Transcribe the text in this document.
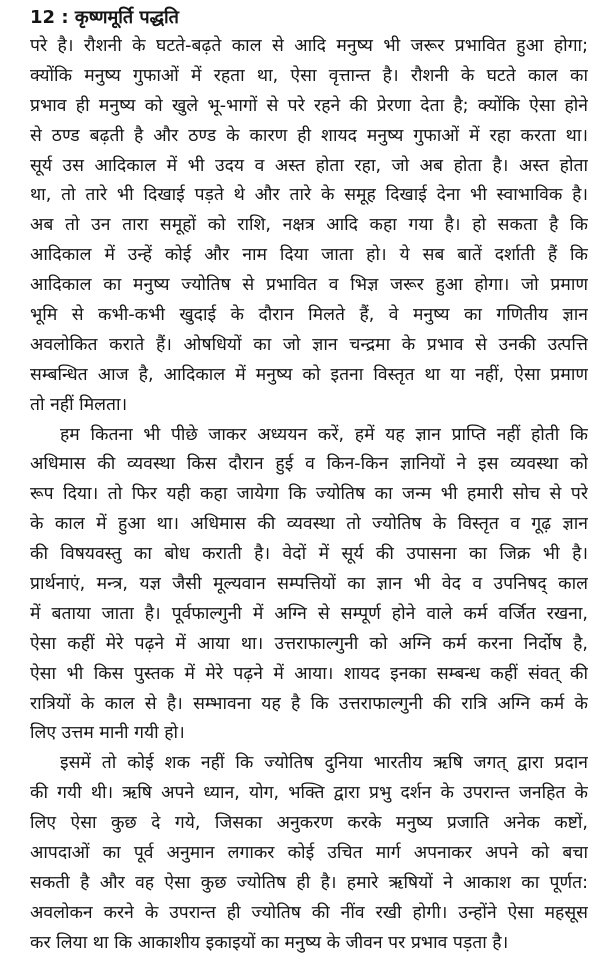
12 : कृष्णमूर्ति पद्धति
परे है। रौशनी के घटते-बढ़ते काल से आदि मनुष्य भी जरूर प्रभावित हुआ होगा;
क्योंकि मनुष्य गुफाओं में रहता था, ऐसा वृत्तान्त है। रौशनी के घटते काल का
प्रभाव ही मनुष्य को खुले भू-भागों से परे रहने की प्रेरणा देता है; क्योंकि ऐसा होने
से ठण्ड बढ़ती है और ठण्ड के कारण ही शायद मनुष्य गुफाओं में रहा करता था।
सूर्य उस आदिकाल में भी उदय व अस्त होता रहा, जो अब होता है। अस्त होता
था, तो तारे भी दिखाई पड़ते थे और तारे के समूह दिखाई देना भी स्वाभाविक है।
अब तो उन तारा समूहों को राशि, नक्षत्र आदि कहा गया है। हो सकता है कि
आदिकाल में उन्हें कोई और नाम दिया जाता हो। ये सब बातें दर्शाती हैं कि
आदिकाल का मनुष्य ज्योतिष से प्रभावित व भिज्ञ जरूर हुआ होगा। जो प्रमाण
भूमि से कभी-कभी खुदाई के दौरान मिलते हैं, वे मनुष्य का गणितीय ज्ञान
अवलोकित कराते हैं। ओषधियों का जो ज्ञान चन्द्रमा के प्रभाव से उनकी उत्पत्ति
सम्बन्धित आज है, आदिकाल में मनुष्य को इतना विस्तृत था या नहीं, ऐसा प्रमाण
तो नहीं मिलता।
हम कितना भी पीछे जाकर अध्ययन करें, हमें यह ज्ञान प्राप्ति नहीं होती कि
अधिमास की व्यवस्था किस दौरान हुई व किन-किन ज्ञानियों ने इस व्यवस्था को
रूप दिया। तो फिर यही कहा जायेगा कि ज्योतिष का जन्म भी हमारी सोच से परे
के काल में हुआ था। अधिमास की व्यवस्था तो ज्योतिष के विस्तृत व गूढ़ ज्ञान
की विषयवस्तु का बोध कराती है। वेदों में सूर्य की उपासना का जिक्र भी है।
प्रार्थनाएं, मन्त्र, यज्ञ जैसी मूल्यवान सम्पत्तियों का ज्ञान भी वेद व उपनिषद् काल
में बताया जाता है। पूर्वफाल्गुनी में अग्नि से सम्पूर्ण होने वाले कर्म वर्जित रखना,
ऐसा कहीं मेरे पढ़ने में आया था। उत्तराफाल्गुनी को अग्नि कर्म करना निर्दोष है,
ऐसा भी किस पुस्तक में मेरे पढ़ने में आया। शायद इनका सम्बन्ध कहीं संवत् की
रात्रियों के काल से है। सम्भावना यह है कि उत्तराफाल्गुनी की रात्रि अग्नि कर्म के
लिए उत्तम मानी गयी हो।
इसमें तो कोई शक नहीं कि ज्योतिष दुनिया भारतीय ऋषि जगत् द्वारा प्रदान
की गयी थी। ऋषि अपने ध्यान, योग, भक्ति द्वारा प्रभु दर्शन के उपरान्त जनहित के
लिए ऐसा कुछ दे गये, जिसका अनुकरण करके मनुष्य प्रजाति अनेक कष्टों,
आपदाओं का पूर्व अनुमान लगाकर कोई उचित मार्ग अपनाकर अपने को बचा
सकती है और वह ऐसा कुछ ज्योतिष ही है। हमारे ऋषियों ने आकाश का पूर्णत:
अवलोकन करने के उपरान्त ही ज्योतिष की नींव रखी होगी। उन्होंने ऐसा महसूस
कर लिया था कि आकाशीय इकाइयों का मनुष्य के जीवन पर प्रभाव पड़ता है।
